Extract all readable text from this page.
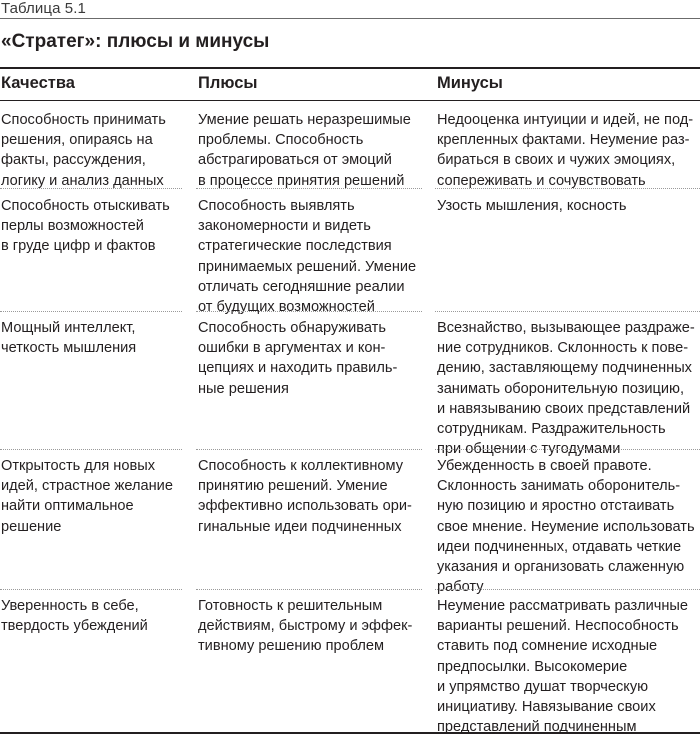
Таблица 5.1
«Стратег»: плюсы и минусы
Качества	Плюсы	Минусы
Способность принимать
решения, опираясь на
факты, рассуждения,
логику и анализ данных
Умение решать неразрешимые
проблемы. Способность
абстрагироваться от эмоций
в процессе принятия решений
Недооценка интуиции и идей, не под-
крепленных фактами. Неумение раз-
бираться в своих и чужих эмоциях,
сопереживать и сочувствовать
Способность отыскивать
перлы возможностей
в груде цифр и фактов
Способность выявлять
закономерности и видеть
стратегические последствия
принимаемых решений. Умение
отличать сегодняшние реалии
от будущих возможностей
Узость мышления, косность
Мощный интеллект,
четкость мышления
Способность обнаруживать
ошибки в аргументах и кон-
цепциях и находить правиль-
ные решения
Всезнайство, вызывающее раздраже-
ние сотрудников. Склонность к пове-
дению, заставляющему подчиненных
занимать оборонительную позицию,
и навязыванию своих представлений
сотрудникам. Раздражительность
при общении с тугодумами
Открытость для новых
идей, страстное желание
найти оптимальное
решение
Способность к коллективному
принятию решений. Умение
эффективно использовать ори-
гинальные идеи подчиненных
Убежденность в своей правоте.
Склонность занимать оборонитель-
ную позицию и яростно отстаивать
свое мнение. Неумение использовать
идеи подчиненных, отдавать четкие
указания и организовать слаженную
работу
Уверенность в себе,
твердость убеждений
Готовность к решительным
действиям, быстрому и эффек-
тивному решению проблем
Неумение рассматривать различные
варианты решений. Неспособность
ставить под сомнение исходные
предпосылки. Высокомерие
и упрямство душат творческую
инициативу. Навязывание своих
представлений подчиненным
